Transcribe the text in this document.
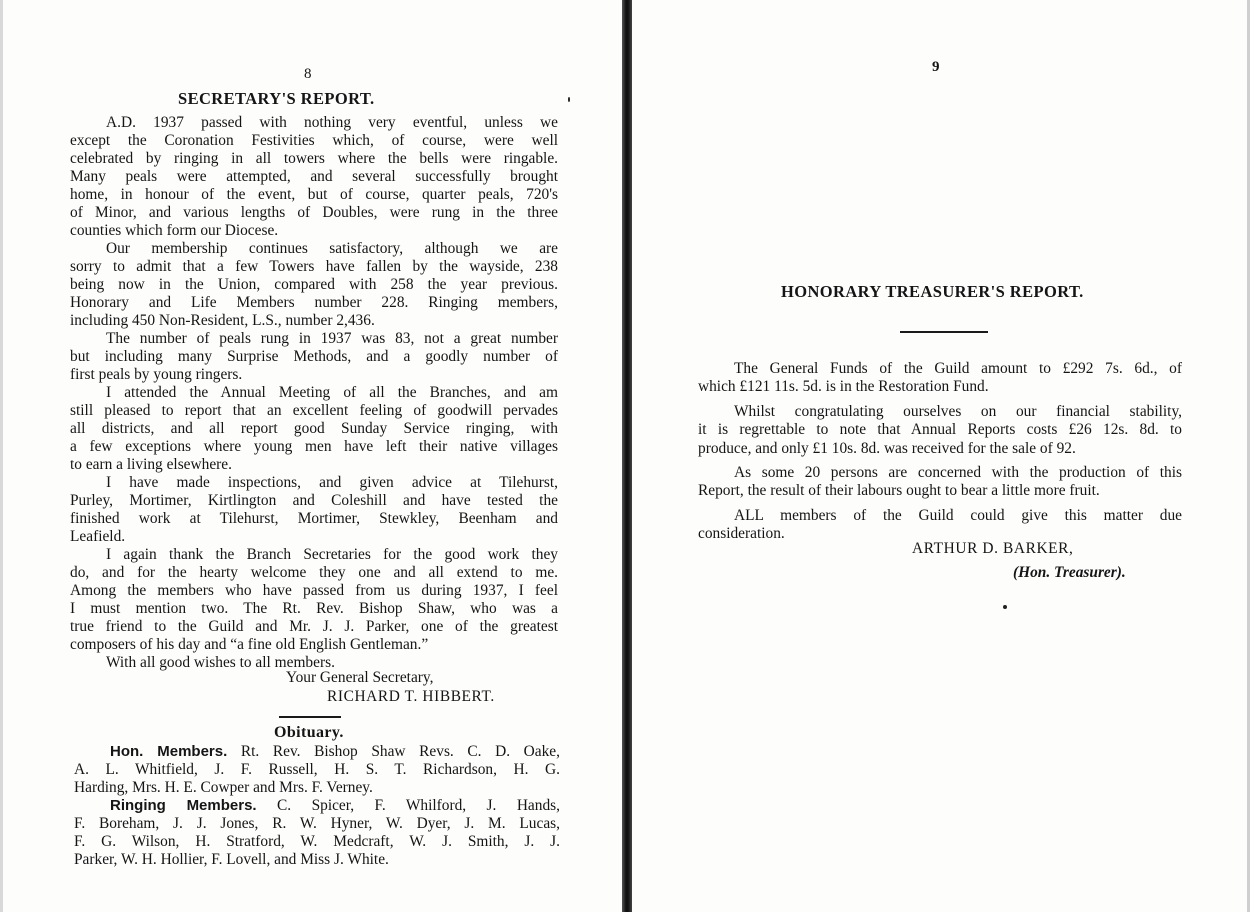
8
SECRETARY'S REPORT.
A.D. 1937 passed with nothing very eventful, unless we
except the Coronation Festivities which, of course, were well
celebrated by ringing in all towers where the bells were ringable.
Many peals were attempted, and several successfully brought
home, in honour of the event, but of course, quarter peals, 720's
of Minor, and various lengths of Doubles, were rung in the three
counties which form our Diocese.
Our membership continues satisfactory, although we are
sorry to admit that a few Towers have fallen by the wayside, 238
being now in the Union, compared with 258 the year previous.
Honorary and Life Members number 228. Ringing members,
including 450 Non-Resident, L.S., number 2,436.
The number of peals rung in 1937 was 83, not a great number
but including many Surprise Methods, and a goodly number of
first peals by young ringers.
I attended the Annual Meeting of all the Branches, and am
still pleased to report that an excellent feeling of goodwill pervades
all districts, and all report good Sunday Service ringing, with
a few exceptions where young men have left their native villages
to earn a living elsewhere.
I have made inspections, and given advice at Tilehurst,
Purley, Mortimer, Kirtlington and Coleshill and have tested the
finished work at Tilehurst, Mortimer, Stewkley, Beenham and
Leafield.
I again thank the Branch Secretaries for the good work they
do, and for the hearty welcome they one and all extend to me.
Among the members who have passed from us during 1937, I feel
I must mention two. The Rt. Rev. Bishop Shaw, who was a
true friend to the Guild and Mr. J. J. Parker, one of the greatest
composers of his day and “a fine old English Gentleman.”
With all good wishes to all members.
Your General Secretary,
RICHARD T. HIBBERT.
Obituary.
Hon. Members. Rt. Rev. Bishop Shaw Revs. C. D. Oake,
A. L. Whitfield, J. F. Russell, H. S. T. Richardson, H. G.
Harding, Mrs. H. E. Cowper and Mrs. F. Verney.
Ringing Members. C. Spicer, F. Whilford, J. Hands,
F. Boreham, J. J. Jones, R. W. Hyner, W. Dyer, J. M. Lucas,
F. G. Wilson, H. Stratford, W. Medcraft, W. J. Smith, J. J.
Parker, W. H. Hollier, F. Lovell, and Miss J. White.
9
HONORARY TREASURER'S REPORT.
The General Funds of the Guild amount to £292 7s. 6d., of
which £121 11s. 5d. is in the Restoration Fund.
Whilst congratulating ourselves on our financial stability,
it is regrettable to note that Annual Reports costs £26 12s. 8d. to
produce, and only £1 10s. 8d. was received for the sale of 92.
As some 20 persons are concerned with the production of this
Report, the result of their labours ought to bear a little more fruit.
ALL members of the Guild could give this matter due
consideration.
ARTHUR D. BARKER,
(Hon. Treasurer).
